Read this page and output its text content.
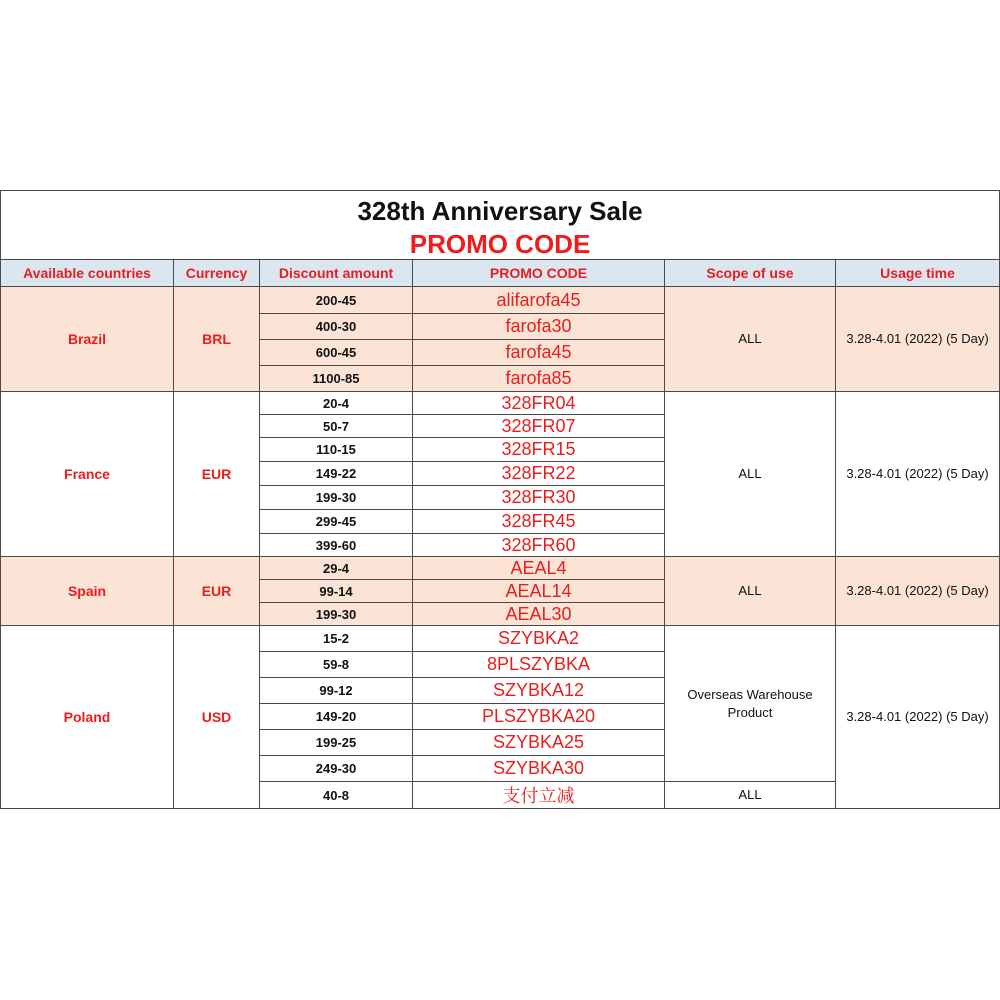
328th Anniversary Sale
PROMO CODE					

Available countries	Currency	Discount amount	PROMO CODE	Scope of use	Usage time
Brazil	BRL	200-45	alifarofa45	ALL	3.28-4.01 (2022) (5 Day)
		400-30	farofa30		
		600-45	farofa45		
		1100-85	farofa85		
France	EUR	20-4	328FR04	ALL	3.28-4.01 (2022) (5 Day)
		50-7	328FR07		
		110-15	328FR15		
		149-22	328FR22		
		199-30	328FR30		
		299-45	328FR45		
		399-60	328FR60		
Spain	EUR	29-4	AEAL4	ALL	3.28-4.01 (2022) (5 Day)
		99-14	AEAL14		
		199-30	AEAL30		
Poland	USD	15-2	SZYBKA2	Overseas Warehouse Product	3.28-4.01 (2022) (5 Day)
		59-8	8PLSZYBKA		
		99-12	SZYBKA12		
		149-20	PLSZYBKA20		
		199-25	SZYBKA25		
		249-30	SZYBKA30		
		40-8	支付立减	ALL	
